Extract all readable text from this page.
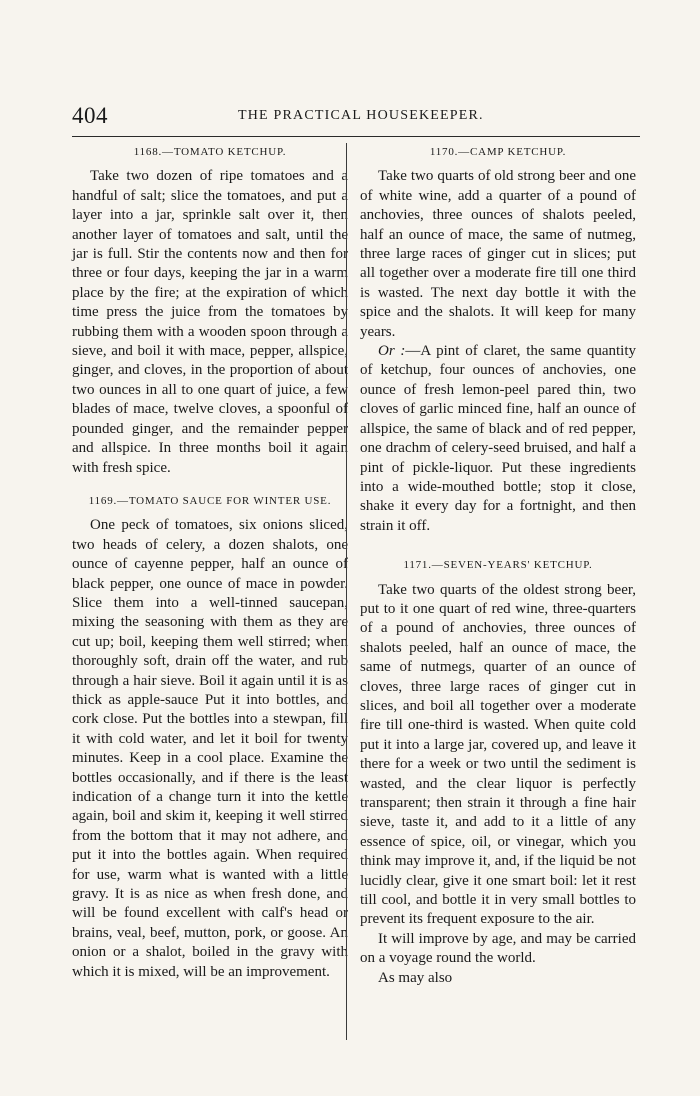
404	THE PRACTICAL HOUSEKEEPER.
1168.—TOMATO KETCHUP.

Take two dozen of ripe tomatoes and a handful of salt; slice the tomatoes, and put a layer into a jar, sprinkle salt over it, then another layer of tomatoes and salt, until the jar is full. Stir the contents now and then for three or four days, keeping the jar in a warm place by the fire; at the expiration of which time press the juice from the tomatoes by rubbing them with a wooden spoon through a sieve, and boil it with mace, pepper, allspice, ginger, and cloves, in the proportion of about two ounces in all to one quart of juice, a few blades of mace, twelve cloves, a spoonful of pounded ginger, and the remainder pepper and allspice. In three months boil it again with fresh spice.

1169.—TOMATO SAUCE FOR WINTER USE.

One peck of tomatoes, six onions sliced, two heads of celery, a dozen shalots, one ounce of cayenne pepper, half an ounce of black pepper, one ounce of mace in powder. Slice them into a well-tinned saucepan, mixing the seasoning with them as they are cut up; boil, keeping them well stirred; when thoroughly soft, drain off the water, and rub through a hair sieve. Boil it again until it is as thick as apple-sauce Put it into bottles, and cork close. Put the bottles into a stewpan, fill it with cold water, and let it boil for twenty minutes. Keep in a cool place. Examine the bottles occasionally, and if there is the least indication of a change turn it into the kettle again, boil and skim it, keeping it well stirred from the bottom that it may not adhere, and put it into the bottles again. When required for use, warm what is wanted with a little gravy. It is as nice as when fresh done, and will be found excellent with calf's head or brains, veal, beef, mutton, pork, or goose. An onion or a shalot, boiled in the gravy with which it is mixed, will be an improvement.

1170.—CAMP KETCHUP.

Take two quarts of old strong beer and one of white wine, add a quarter of a pound of anchovies, three ounces of shalots peeled, half an ounce of mace, the same of nutmeg, three large races of ginger cut in slices; put all together over a moderate fire till one third is wasted. The next day bottle it with the spice and the shalots. It will keep for many years.

Or :—A pint of claret, the same quantity of ketchup, four ounces of anchovies, one ounce of fresh lemon-peel pared thin, two cloves of garlic minced fine, half an ounce of allspice, the same of black and of red pepper, one drachm of celery-seed bruised, and half a pint of pickle-liquor. Put these ingredients into a wide-mouthed bottle; stop it close, shake it every day for a fortnight, and then strain it off.

1171.—SEVEN-YEARS' KETCHUP.

Take two quarts of the oldest strong beer, put to it one quart of red wine, three-quarters of a pound of anchovies, three ounces of shalots peeled, half an ounce of mace, the same of nutmegs, quarter of an ounce of cloves, three large races of ginger cut in slices, and boil all together over a moderate fire till one-third is wasted. When quite cold put it into a large jar, covered up, and leave it there for a week or two until the sediment is wasted, and the clear liquor is perfectly transparent; then strain it through a fine hair sieve, taste it, and add to it a little of any essence of spice, oil, or vinegar, which you think may improve it, and, if the liquid be not lucidly clear, give it one smart boil: let it rest till cool, and bottle it in very small bottles to prevent its frequent exposure to the air.

It will improve by age, and may be carried on a voyage round the world.

As may also
